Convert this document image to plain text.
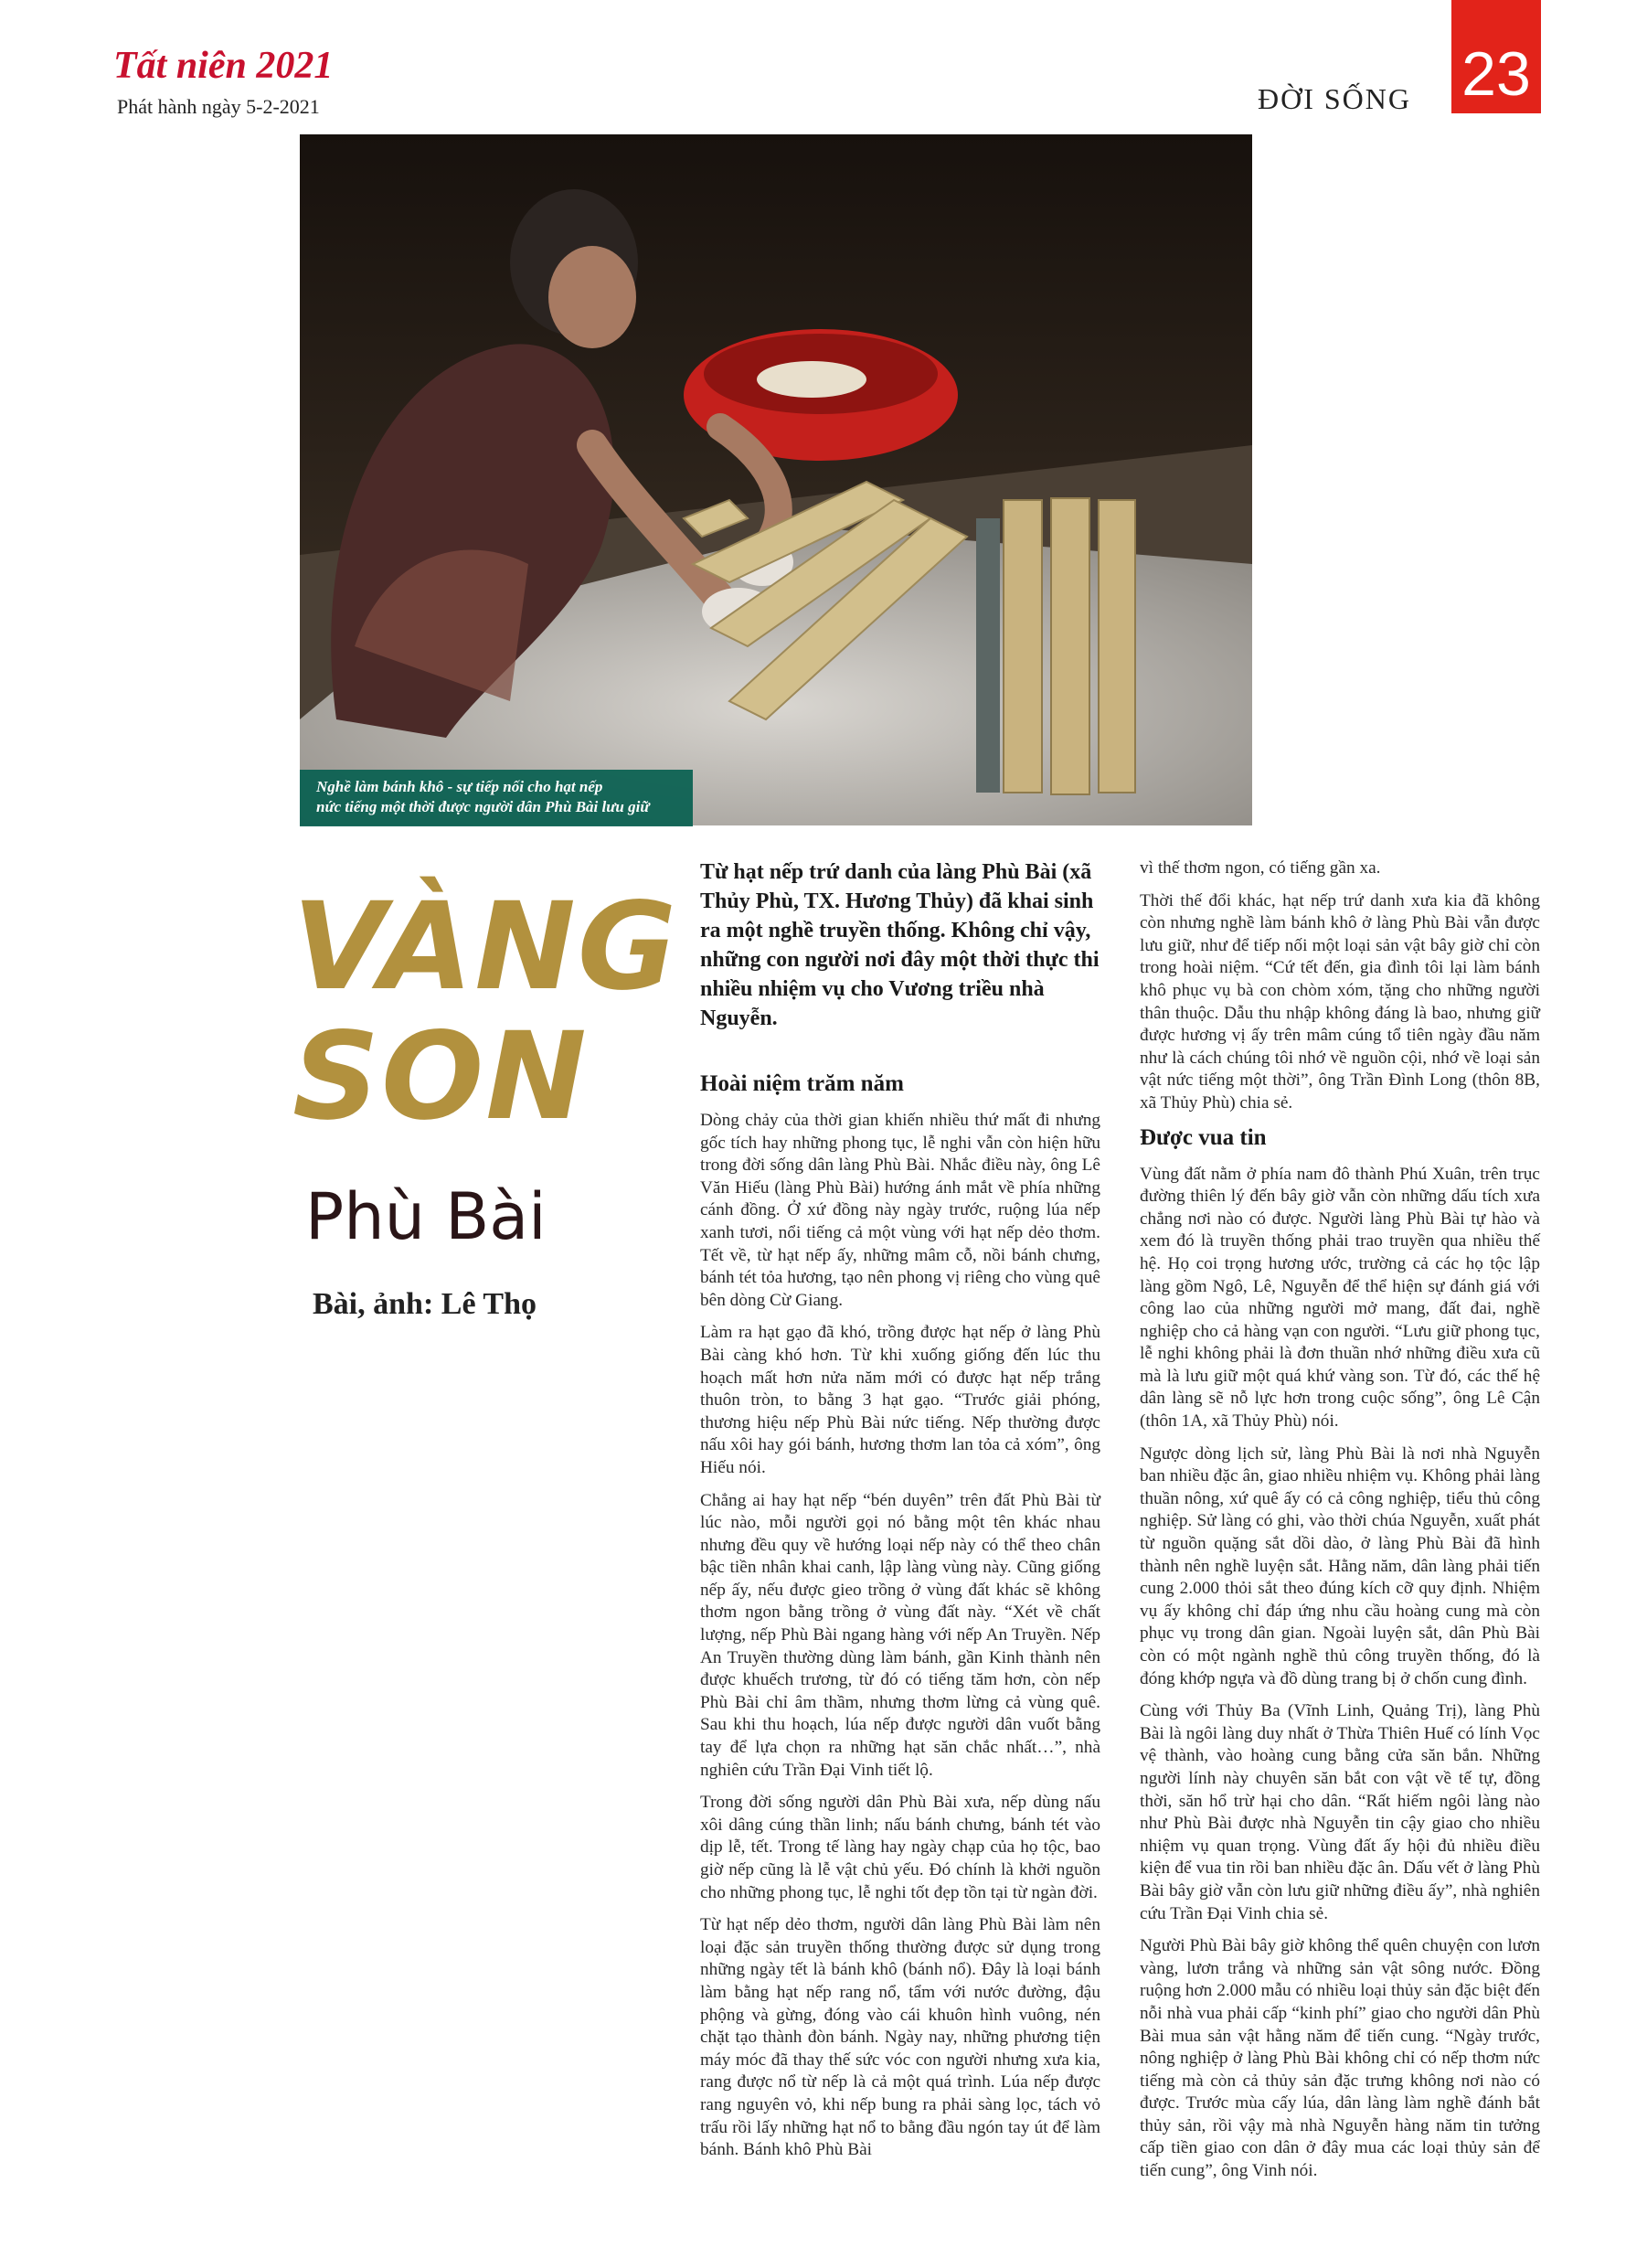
Tất niên 2021
Phát hành ngày 5-2-2021	ĐỜI SỐNG 23
Nghề làm bánh khô - sự tiếp nối cho hạt nếp
nức tiếng một thời được người dân Phù Bài lưu giữ
VÀNG
SON
Phù Bài
Bài, ảnh: Lê Thọ

Từ hạt nếp trứ danh của làng Phù Bài (xã Thủy Phù, TX. Hương Thủy) đã khai sinh ra một nghề truyền thống. Không chỉ vậy, những con người nơi đây một thời thực thi nhiều nhiệm vụ cho Vương triều nhà Nguyễn.

Hoài niệm trăm năm

Dòng chảy của thời gian khiến nhiều thứ mất đi nhưng gốc tích hay những phong tục, lễ nghi vẫn còn hiện hữu trong đời sống dân làng Phù Bài. Nhắc điều này, ông Lê Văn Hiếu (làng Phù Bài) hướng ánh mắt về phía những cánh đồng. Ở xứ đồng này ngày trước, ruộng lúa nếp xanh tươi, nổi tiếng cả một vùng với hạt nếp dẻo thơm. Tết về, từ hạt nếp ấy, những mâm cỗ, nồi bánh chưng, bánh tét tỏa hương, tạo nên phong vị riêng cho vùng quê bên dòng Cừ Giang.

Làm ra hạt gạo đã khó, trồng được hạt nếp ở làng Phù Bài càng khó hơn. Từ khi xuống giống đến lúc thu hoạch mất hơn nửa năm mới có được hạt nếp trắng thuôn tròn, to bằng 3 hạt gạo. “Trước giải phóng, thương hiệu nếp Phù Bài nức tiếng. Nếp thường được nấu xôi hay gói bánh, hương thơm lan tỏa cả xóm”, ông Hiếu nói.

Chẳng ai hay hạt nếp “bén duyên” trên đất Phù Bài từ lúc nào, mỗi người gọi nó bằng một tên khác nhau nhưng đều quy về hướng loại nếp này có thể theo chân bậc tiền nhân khai canh, lập làng vùng này. Cũng giống nếp ấy, nếu được gieo trồng ở vùng đất khác sẽ không thơm ngon bằng trồng ở vùng đất này. “Xét về chất lượng, nếp Phù Bài ngang hàng với nếp An Truyền. Nếp An Truyền thường dùng làm bánh, gần Kinh thành nên được khuếch trương, từ đó có tiếng tăm hơn, còn nếp Phù Bài chỉ âm thầm, nhưng thơm lừng cả vùng quê. Sau khi thu hoạch, lúa nếp được người dân vuốt bằng tay để lựa chọn ra những hạt săn chắc nhất…”, nhà nghiên cứu Trần Đại Vinh tiết lộ.

Trong đời sống người dân Phù Bài xưa, nếp dùng nấu xôi dâng cúng thần linh; nấu bánh chưng, bánh tét vào dịp lễ, tết. Trong tế làng hay ngày chạp của họ tộc, bao giờ nếp cũng là lễ vật chủ yếu. Đó chính là khởi nguồn cho những phong tục, lễ nghi tốt đẹp tồn tại từ ngàn đời.

Từ hạt nếp dẻo thơm, người dân làng Phù Bài làm nên loại đặc sản truyền thống thường được sử dụng trong những ngày tết là bánh khô (bánh nổ). Đây là loại bánh làm bằng hạt nếp rang nổ, tẩm với nước đường, đậu phộng và gừng, đóng vào cái khuôn hình vuông, nén chặt tạo thành đòn bánh. Ngày nay, những phương tiện máy móc đã thay thế sức vóc con người nhưng xưa kia, rang được nổ từ nếp là cả một quá trình. Lúa nếp được rang nguyên vỏ, khi nếp bung ra phải sàng lọc, tách vỏ trấu rồi lấy những hạt nổ to bằng đầu ngón tay út để làm bánh. Bánh khô Phù Bài

vì thế thơm ngon, có tiếng gần xa.

Thời thế đổi khác, hạt nếp trứ danh xưa kia đã không còn nhưng nghề làm bánh khô ở làng Phù Bài vẫn được lưu giữ, như để tiếp nối một loại sản vật bây giờ chỉ còn trong hoài niệm. “Cứ tết đến, gia đình tôi lại làm bánh khô phục vụ bà con chòm xóm, tặng cho những người thân thuộc. Dẫu thu nhập không đáng là bao, nhưng giữ được hương vị ấy trên mâm cúng tổ tiên ngày đầu năm như là cách chúng tôi nhớ về nguồn cội, nhớ về loại sản vật nức tiếng một thời”, ông Trần Đình Long (thôn 8B, xã Thủy Phù) chia sẻ.

Được vua tin

Vùng đất nằm ở phía nam đô thành Phú Xuân, trên trục đường thiên lý đến bây giờ vẫn còn những dấu tích xưa chẳng nơi nào có được. Người làng Phù Bài tự hào và xem đó là truyền thống phải trao truyền qua nhiều thế hệ. Họ coi trọng hương ước, trường cả các họ tộc lập làng gồm Ngô, Lê, Nguyễn để thể hiện sự đánh giá với công lao của những người mở mang, đất đai, nghề nghiệp cho cả hàng vạn con người. “Lưu giữ phong tục, lễ nghi không phải là đơn thuần nhớ những điều xưa cũ mà là lưu giữ một quá khứ vàng son. Từ đó, các thế hệ dân làng sẽ nỗ lực hơn trong cuộc sống”, ông Lê Cận (thôn 1A, xã Thủy Phù) nói.

Ngược dòng lịch sử, làng Phù Bài là nơi nhà Nguyễn ban nhiều đặc ân, giao nhiều nhiệm vụ. Không phải làng thuần nông, xứ quê ấy có cả công nghiệp, tiểu thủ công nghiệp. Sử làng có ghi, vào thời chúa Nguyễn, xuất phát từ nguồn quặng sắt dồi dào, ở làng Phù Bài đã hình thành nên nghề luyện sắt. Hằng năm, dân làng phải tiến cung 2.000 thỏi sắt theo đúng kích cỡ quy định. Nhiệm vụ ấy không chỉ đáp ứng nhu cầu hoàng cung mà còn phục vụ trong dân gian. Ngoài luyện sắt, dân Phù Bài còn có một ngành nghề thủ công truyền thống, đó là đóng khớp ngựa và đồ dùng trang bị ở chốn cung đình.

Cùng với Thủy Ba (Vĩnh Linh, Quảng Trị), làng Phù Bài là ngôi làng duy nhất ở Thừa Thiên Huế có lính Vọc vệ thành, vào hoàng cung bằng cửa săn bắn. Những người lính này chuyên săn bắt con vật về tế tự, đồng thời, săn hổ trừ hại cho dân. “Rất hiếm ngôi làng nào như Phù Bài được nhà Nguyễn tin cậy giao cho nhiều nhiệm vụ quan trọng. Vùng đất ấy hội đủ nhiều điều kiện để vua tin rồi ban nhiều đặc ân. Dấu vết ở làng Phù Bài bây giờ vẫn còn lưu giữ những điều ấy”, nhà nghiên cứu Trần Đại Vinh chia sẻ.

Người Phù Bài bây giờ không thể quên chuyện con lươn vàng, lươn trắng và những sản vật sông nước. Đồng ruộng hơn 2.000 mẫu có nhiều loại thủy sản đặc biệt đến nỗi nhà vua phải cấp “kinh phí” giao cho người dân Phù Bài mua sản vật hằng năm để tiến cung. “Ngày trước, nông nghiệp ở làng Phù Bài không chỉ có nếp thơm nức tiếng mà còn cả thủy sản đặc trưng không nơi nào có được. Trước mùa cấy lúa, dân làng làm nghề đánh bắt thủy sản, rồi vậy mà nhà Nguyễn hàng năm tin tưởng cấp tiền giao con dân ở đây mua các loại thủy sản để tiến cung”, ông Vinh nói.
